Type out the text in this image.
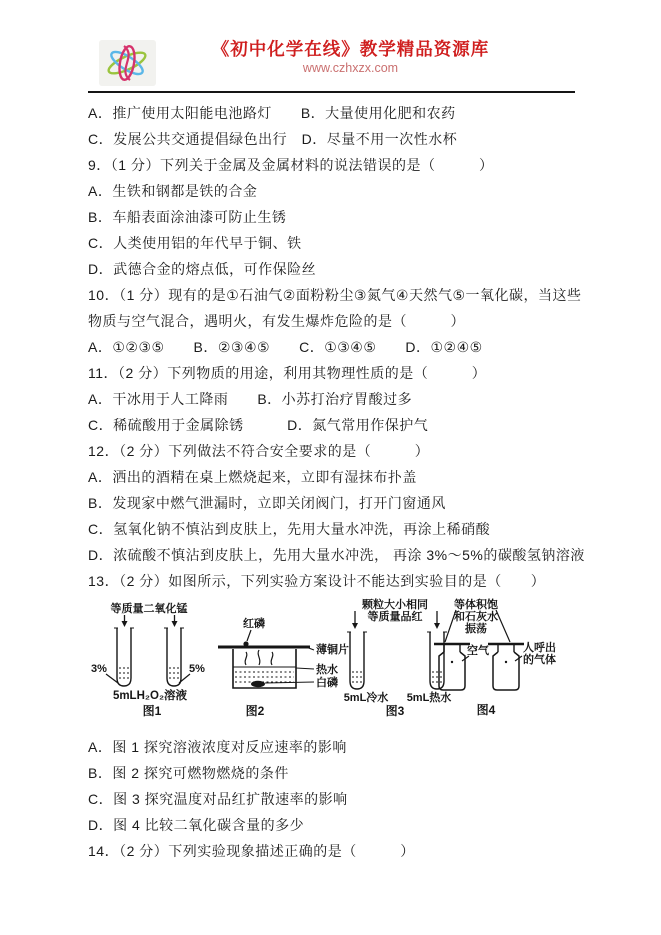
《初中化学在线》教学精品资源库
www.czhxzx.com

A．推广使用太阳能电池路灯　　B．大量使用化肥和农药

C．发展公共交通提倡绿色出行　D．尽量不用一次性水杯

9．（1 分）下列关于金属及金属材料的说法错误的是（　　　）

A．生铁和钢都是铁的合金

B．车船表面涂油漆可防止生锈

C．人类使用铝的年代早于铜、铁

D．武德合金的熔点低，可作保险丝

10．（1 分）现有的是①石油气②面粉粉尘③氮气④天然气⑤一氧化碳，当这些

物质与空气混合，遇明火，有发生爆炸危险的是（　　　）

A．①②③⑤　　B．②③④⑤　　C．①③④⑤　　D．①②④⑤

11．（2 分）下列物质的用途，利用其物理性质的是（　　　）

A．干冰用于人工降雨　　B．小苏打治疗胃酸过多

C．稀硫酸用于金属除锈　　　D．氮气常用作保护气

12．（2 分）下列做法不符合安全要求的是（　　　）

A．洒出的酒精在桌上燃烧起来，立即有湿抹布扑盖

B．发现家中燃气泄漏时，立即关闭阀门，打开门窗通风

C．氢氧化钠不慎沾到皮肤上，先用大量水冲洗，再涂上稀硝酸

D．浓硫酸不慎沾到皮肤上，先用大量水冲洗， 再涂 3%～5%的碳酸氢钠溶液

13．（2 分）如图所示，下列实验方案设计不能达到实验目的是（　　）

等质量二氧化锰
3%	5%
5mLH₂O₂溶液
图1
红磷
薄铜片
热水
白磷
图2
颗粒大小相同
等质量品红
5mL冷水 5mL热水
图3
等体积饱
和石灰水
振荡
空气	人呼出
的气体
图4

A．图 1 探究溶液浓度对反应速率的影响

B．图 2 探究可燃物燃烧的条件

C．图 3 探究温度对品红扩散速率的影响

D．图 4 比较二氧化碳含量的多少

14．（2 分）下列实验现象描述正确的是（　　　）
